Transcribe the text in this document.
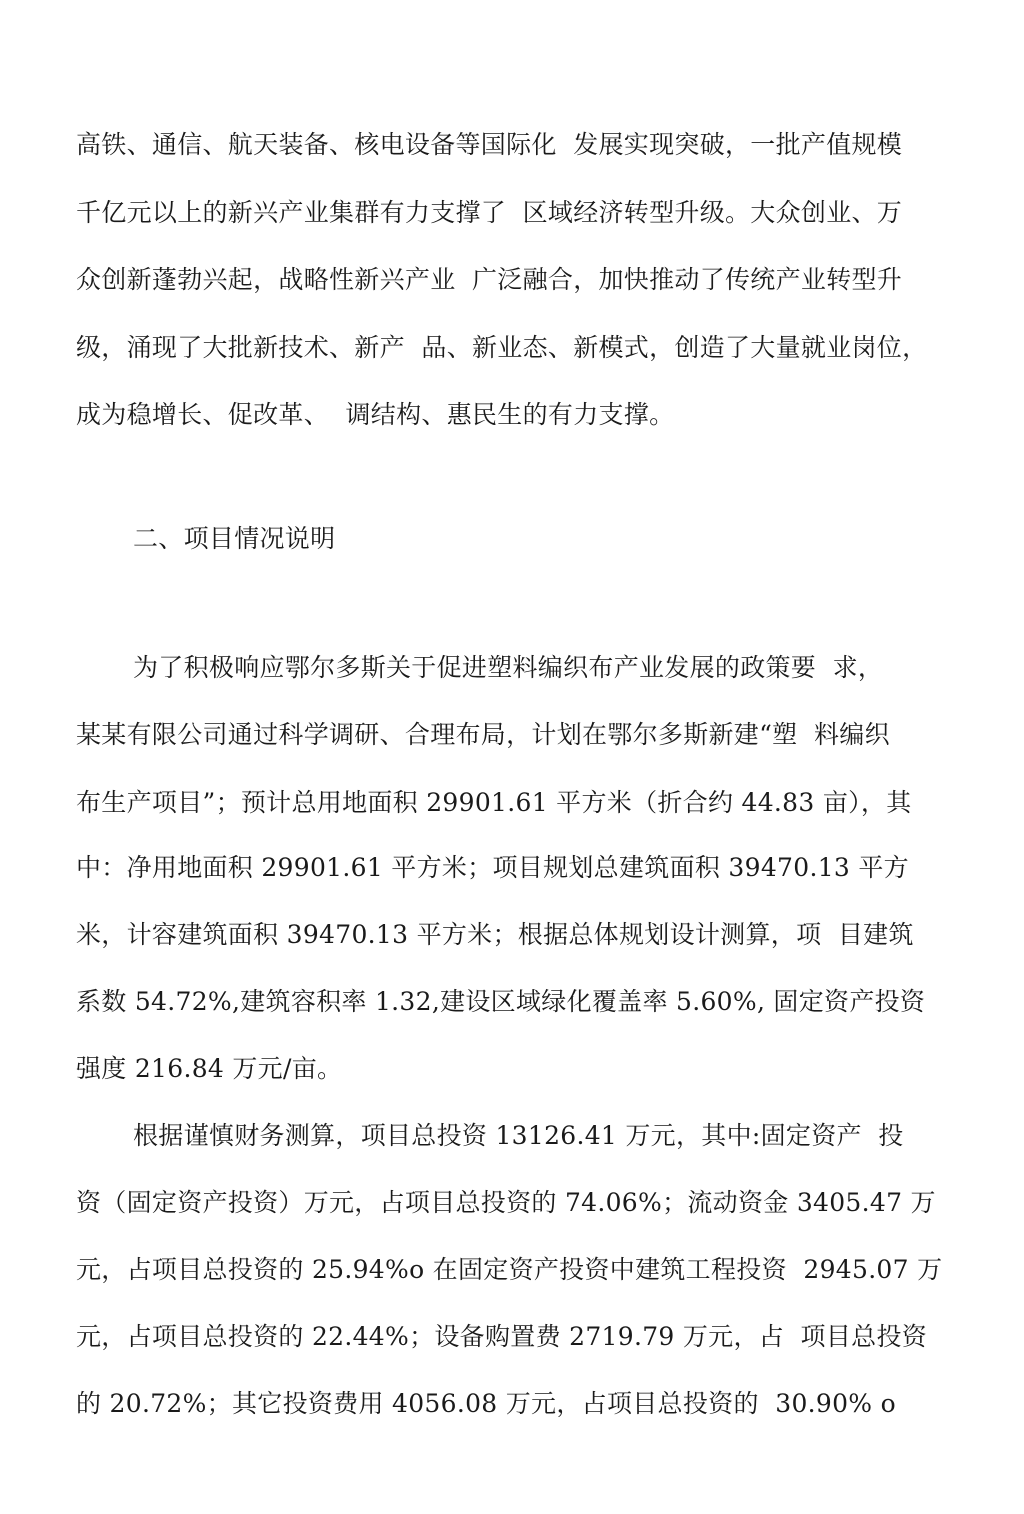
高铁、通信、航天装备、核电设备等国际化  发展实现突破，一批产值规模
千亿元以上的新兴产业集群有力支撑了  区域经济转型升级。大众创业、万
众创新蓬勃兴起，战略性新兴产业  广泛融合，加快推动了传统产业转型升
级，涌现了大批新技术、新产  品、新业态、新模式，创造了大量就业岗位，
成为稳增长、促改革、  调结构、惠民生的有力支撑。
二、项目情况说明
为了积极响应鄂尔多斯关于促进塑料编织布产业发展的政策要  求，
某某有限公司通过科学调研、合理布局，计划在鄂尔多斯新建“塑  料编织
布生产项目”；预计总用地面积 29901.61 平方米（折合约 44.83 亩），其
中：净用地面积 29901.61 平方米；项目规划总建筑面积 39470.13 平方
米，计容建筑面积 39470.13 平方米；根据总体规划设计测算，项  目建筑
系数 54.72%,建筑容积率 1.32,建设区域绿化覆盖率 5.60%, 固定资产投资
强度 216.84 万元/亩。
根据谨慎财务测算，项目总投资 13126.41 万元，其中:固定资产  投
资（固定资产投资）万元，占项目总投资的 74.06%；流动资金 3405.47 万
元，占项目总投资的 25.94%o 在固定资产投资中建筑工程投资  2945.07 万
元，占项目总投资的 22.44%；设备购置费 2719.79 万元，占  项目总投资
的 20.72%；其它投资费用 4056.08 万元，占项目总投资的  30.90% o
